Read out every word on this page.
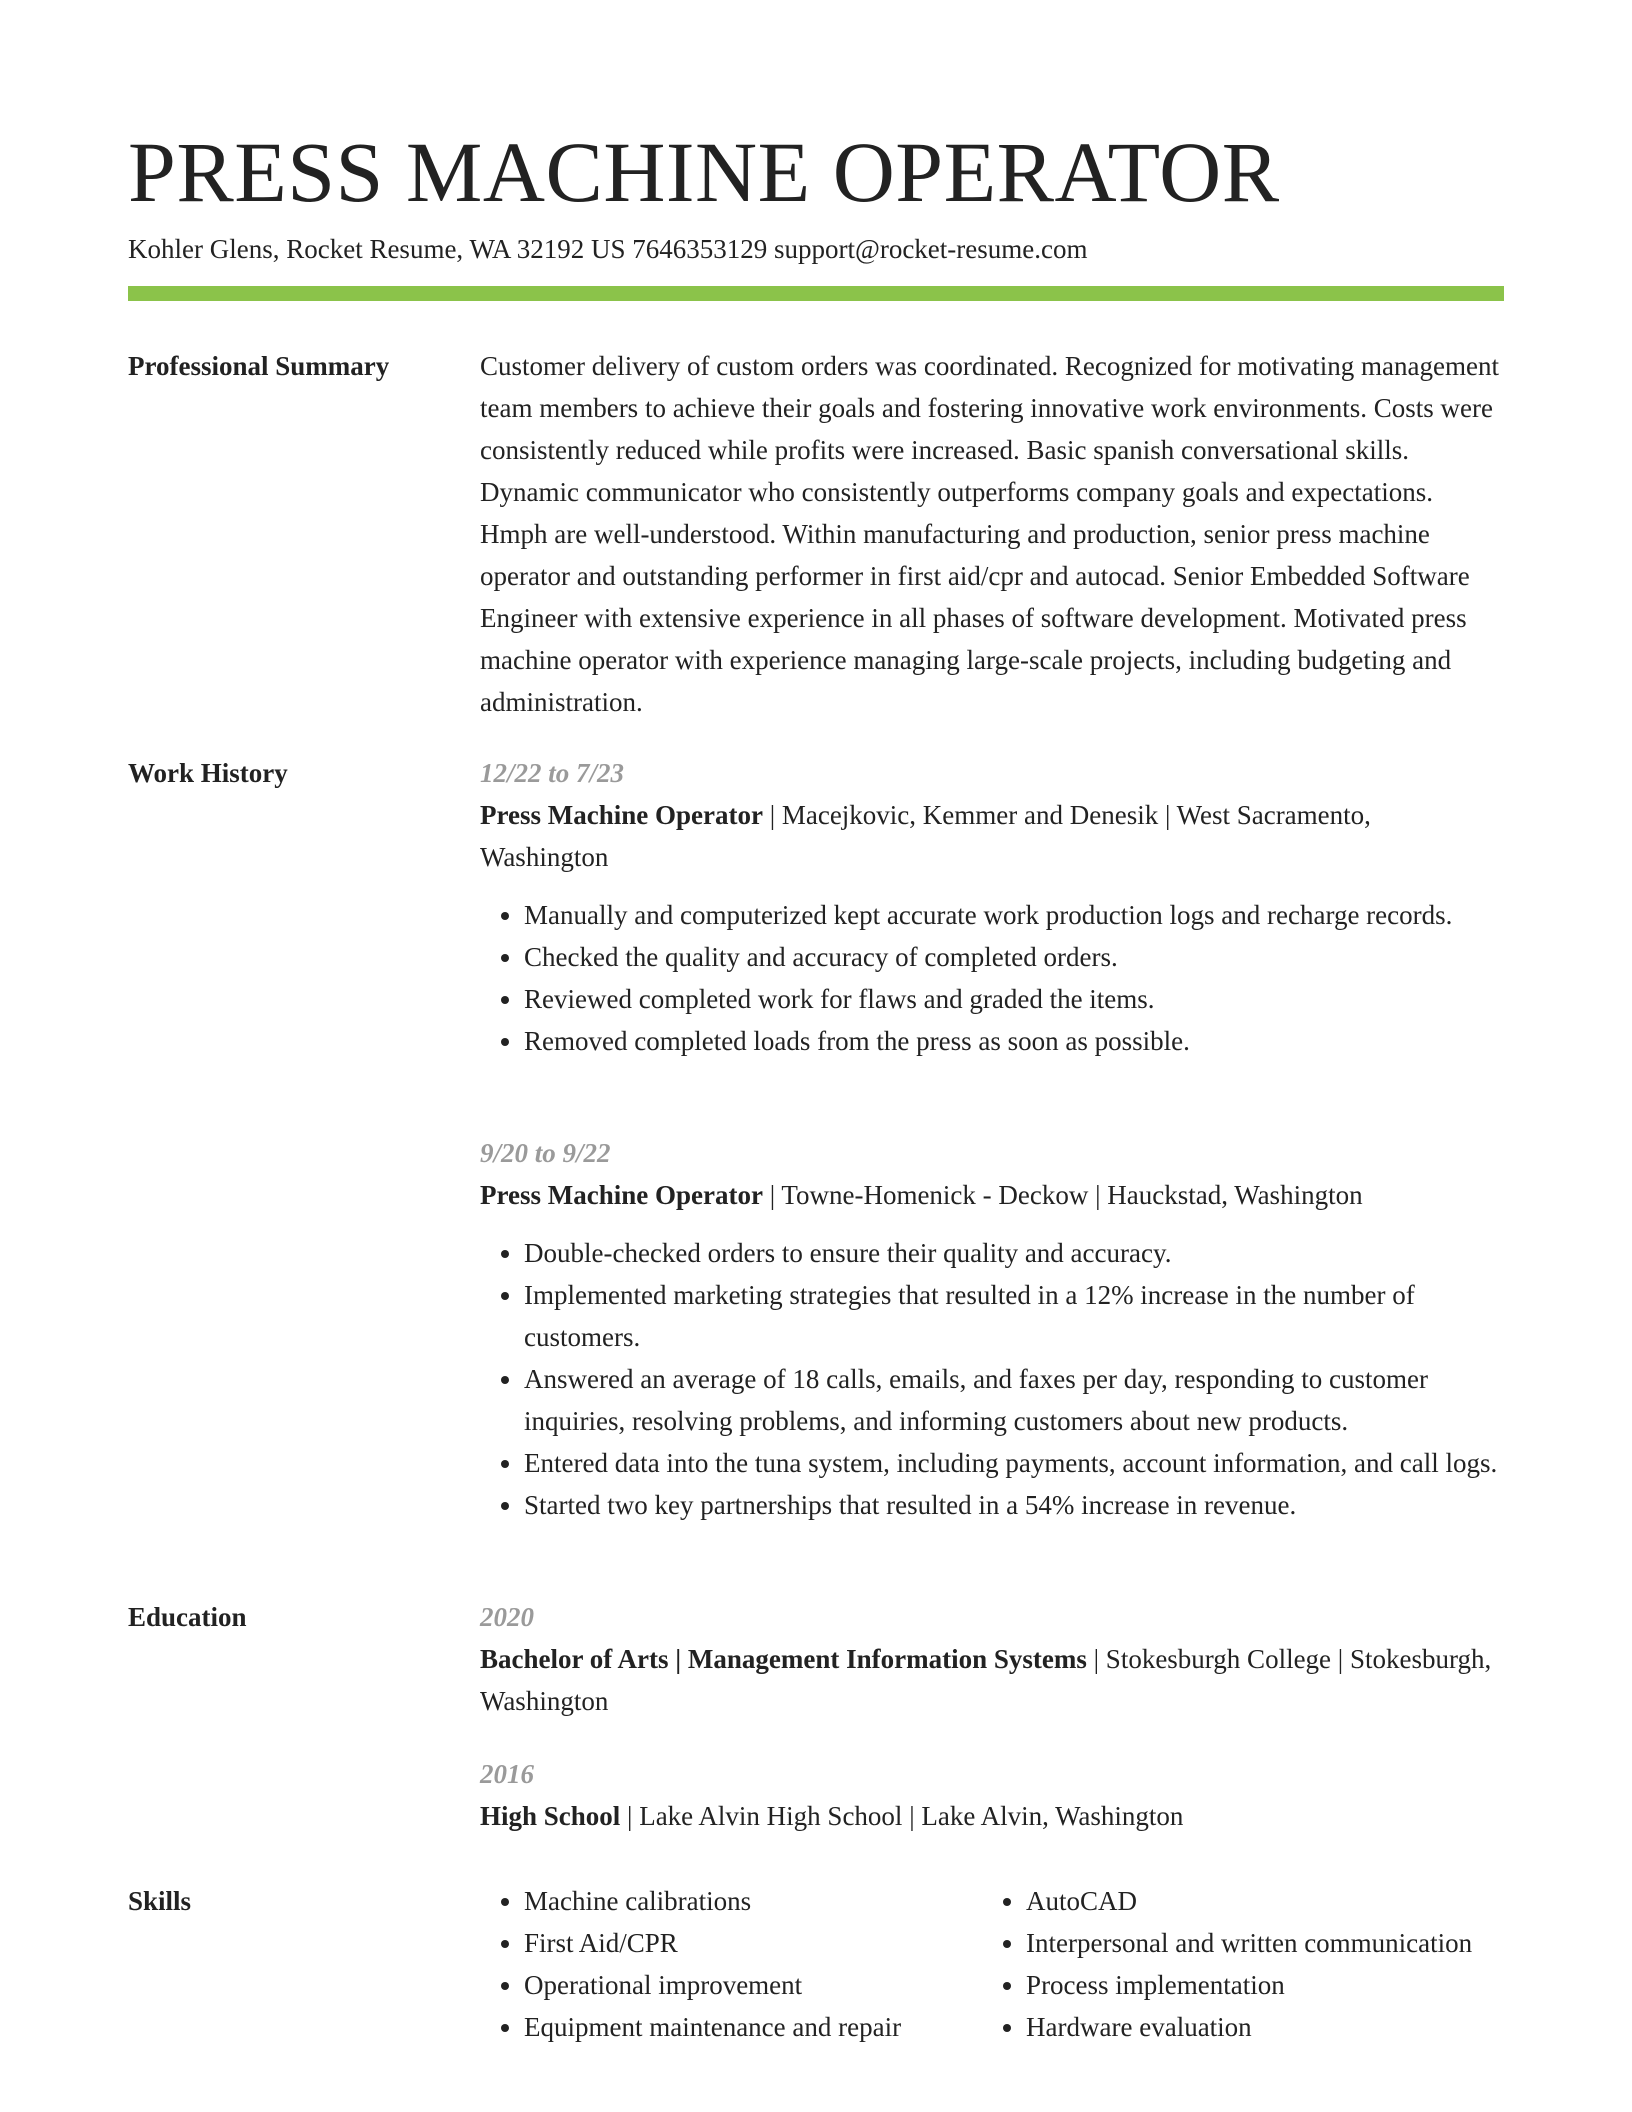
PRESS MACHINE OPERATOR
Kohler Glens, Rocket Resume, WA 32192 US 7646353129 support@rocket-resume.com
Professional Summary	Customer delivery of custom orders was coordinated. Recognized for motivating management team members to achieve their goals and fostering innovative work environments. Costs were consistently reduced while profits were increased. Basic spanish conversational skills. Dynamic communicator who consistently outperforms company goals and expectations. Hmph are well-understood. Within manufacturing and production, senior press machine operator and outstanding performer in first aid/cpr and autocad. Senior Embedded Software Engineer with extensive experience in all phases of software development. Motivated press machine operator with experience managing large-scale projects, including budgeting and administration.

Work History	12/22 to 7/23

Press Machine Operator | Macejkovic, Kemmer and Denesik | West Sacramento, Washington

• Manually and computerized kept accurate work production logs and recharge records.
• Checked the quality and accuracy of completed orders.
• Reviewed completed work for flaws and graded the items.
• Removed completed loads from the press as soon as possible.

9/20 to 9/22

Press Machine Operator | Towne-Homenick - Deckow | Hauckstad, Washington

• Double-checked orders to ensure their quality and accuracy.
• Implemented marketing strategies that resulted in a 12% increase in the number of customers.
• Answered an average of 18 calls, emails, and faxes per day, responding to customer inquiries, resolving problems, and informing customers about new products.
• Entered data into the tuna system, including payments, account information, and call logs.
• Started two key partnerships that resulted in a 54% increase in revenue.
Education	2020

Bachelor of Arts | Management Information Systems | Stokesburgh College | Stokesburgh, Washington

2016

High School | Lake Alvin High School | Lake Alvin, Washington

Skills	• Machine calibrations
• First Aid/CPR
• Operational improvement
• Equipment maintenance and repair
• AutoCAD
• Interpersonal and written communication
• Process implementation
• Hardware evaluation
